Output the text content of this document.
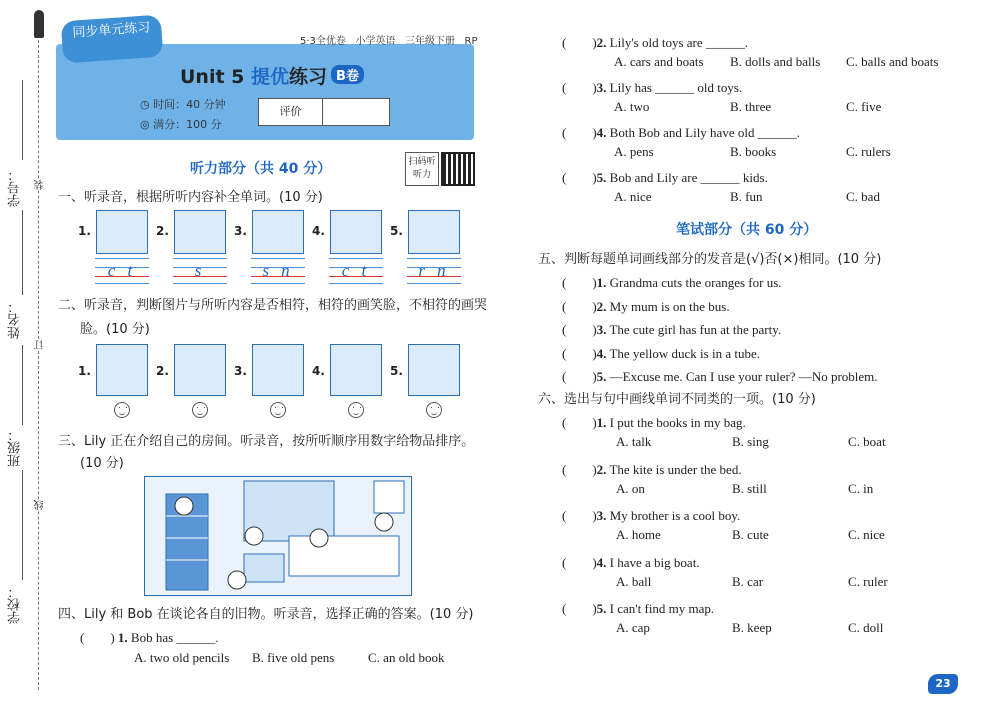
学号：
姓名：
班级：
学校：
装
订
线
同步单元练习
5·3全优卷 小学英语 三年级下册 RP
Unit 5 提优练习 B卷
◷ 时间：40 分钟
◎ 满分：100 分
评价
听力部分（共 40 分）	扫码听听力
一、听录音，根据所听内容补全单词。(10 分)
1.
c t
2.
s
3.
s n
4.
c t
5.
r n
二、听录音，判断图片与所听内容是否相符，相符的画笑脸，不相符的画哭
脸。(10 分)
1.	2.	3.	4.	5.
三、Lily 正在介绍自己的房间。听录音，按所听顺序用数字给物品排序。
(10 分)
四、Lily 和 Bob 在谈论各自的旧物。听录音，选择正确的答案。(10 分)
(　　) 1. Bob has ______.
A. two old pencils B. five old pens	C. an old book
(　　)2. Lily's old toys are ______.
A. cars and boats B. dolls and balls C. balls and boats
(　　)3. Lily has ______ old toys.
A. two	B. three	C. five
(　　)4. Both Bob and Lily have old ______.
A. pens	B. books	C. rulers
(　　)5. Bob and Lily are ______ kids.
A. nice	B. fun	C. bad
笔试部分（共 60 分）
五、判断每题单词画线部分的发音是(√)否(×)相同。(10 分)
(　　)1. Grandma cuts the oranges for us.
(　　)2. My mum is on the bus.
(　　)3. The cute girl has fun at the party.
(　　)4. The yellow duck is in a tube.
(　　)5. —Excuse me. Can I use your ruler? —No problem.
六、选出与句中画线单词不同类的一项。(10 分)
(　　)1. I put the books in my bag.
A. talk	B. sing	C. boat
(　　)2. The kite is under the bed.
A. on	B. still	C. in
(　　)3. My brother is a cool boy.
A. home	B. cute	C. nice
(　　)4. I have a big boat.
A. ball	B. car	C. ruler
(　　)5. I can't find my map.
A. cap	B. keep	C. doll
23
